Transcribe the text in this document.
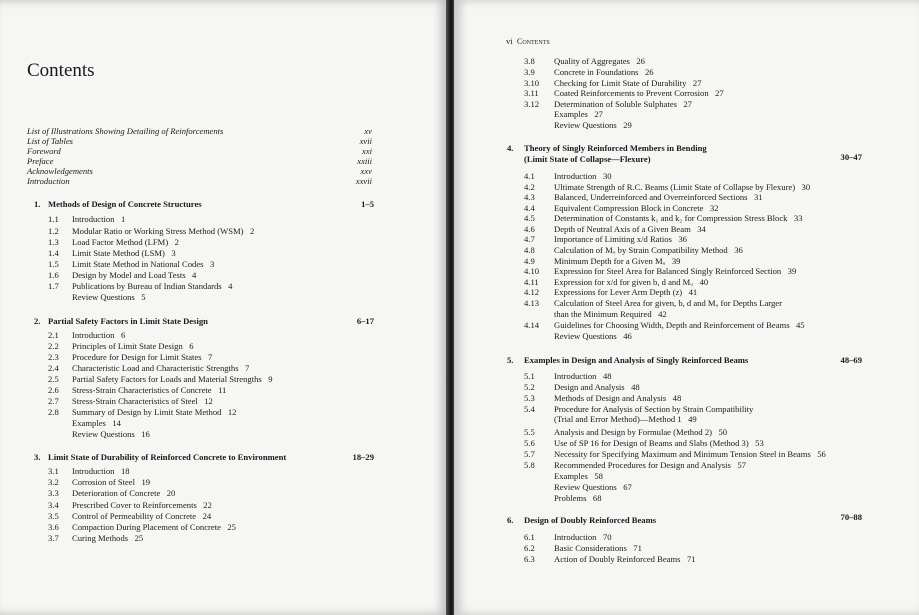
Contents
List of Illustrations Showing Detailing of Reinforcements	xv
List of Tables	xvii
Foreword	xxi
Preface	xxiii
Acknowledgements	xxv
Introduction	xxvii
1. Methods of Design of Concrete Structures	1–5
1.1	Introduction 1
1.2	Modular Ratio or Working Stress Method (WSM) 2
1.3	Load Factor Method (LFM) 2
1.4	Limit State Method (LSM) 3
1.5	Limit State Method in National Codes 3
1.6	Design by Model and Load Tests 4
1.7	Publications by Bureau of Indian Standards 4
Review Questions 5
2. Partial Safety Factors in Limit State Design	6–17
2.1	Introduction 6
2.2	Principles of Limit State Design 6
2.3	Procedure for Design for Limit States 7
2.4	Characteristic Load and Characteristic Strengths 7
2.5	Partial Safety Factors for Loads and Material Strengths 9
2.6	Stress-Strain Characteristics of Concrete 11
2.7	Stress-Strain Characteristics of Steel 12
2.8	Summary of Design by Limit State Method 12
Examples 14
Review Questions 16
3. Limit State of Durability of Reinforced Concrete to Environment	18–29
3.1	Introduction 18
3.2	Corrosion of Steel 19
3.3	Deterioration of Concrete 20
3.4	Prescribed Cover to Reinforcements 22
3.5	Control of Permeability of Concrete 24
3.6	Compaction During Placement of Concrete 25
3.7	Curing Methods 25
vi Contents
3.8	Quality of Aggregates 26
3.9	Concrete in Foundations 26
3.10	Checking for Limit State of Durability 27
3.11	Coated Reinforcements to Prevent Corrosion 27
3.12	Determination of Soluble Sulphates 27
Examples 27
Review Questions 29
4. Theory of Singly Reinforced Members in Bending
(Limit State of Collapse—Flexure)	30–47
4.1	Introduction 30
4.2	Ultimate Strength of R.C. Beams (Limit State of Collapse by Flexure) 30
4.3	Balanced, Underreinforced and Overreinforced Sections 31
4.4	Equivalent Compression Block in Concrete 32
4.5	Determination of Constants k₁ and k₂ for Compression Stress Block 33
4.6	Depth of Neutral Axis of a Given Beam 34
4.7	Importance of Limiting x/d Ratios 36
4.8	Calculation of Mᵤ by Strain Compatibility Method 36
4.9	Minimum Depth for a Given Mᵤ 39
4.10	Expression for Steel Area for Balanced Singly Reinforced Section 39
4.11	Expression for x/d for given b, d and Mᵤ 40
4.12	Expressions for Lever Arm Depth (z) 41
4.13	Calculation of Steel Area for given, b, d and Mᵤ for Depths Larger
than the Minimum Required 42
4.14	Guidelines for Choosing Width, Depth and Reinforcement of Beams 45
Review Questions 46
5. Examples in Design and Analysis of Singly Reinforced Beams	48–69
5.1	Introduction 48
5.2	Design and Analysis 48
5.3	Methods of Design and Analysis 48
5.4	Procedure for Analysis of Section by Strain Compatibility
(Trial and Error Method)—Method 1 49
5.5	Analysis and Design by Formulae (Method 2) 50
5.6	Use of SP 16 for Design of Beams and Slabs (Method 3) 53
5.7	Necessity for Specifying Maximum and Minimum Tension Steel in Beams 56
5.8	Recommended Procedures for Design and Analysis 57
Examples 58
Review Questions 67
Problems 68
6. Design of Doubly Reinforced Beams	70–88
6.1	Introduction 70
6.2	Basic Considerations 71
6.3	Action of Doubly Reinforced Beams 71
